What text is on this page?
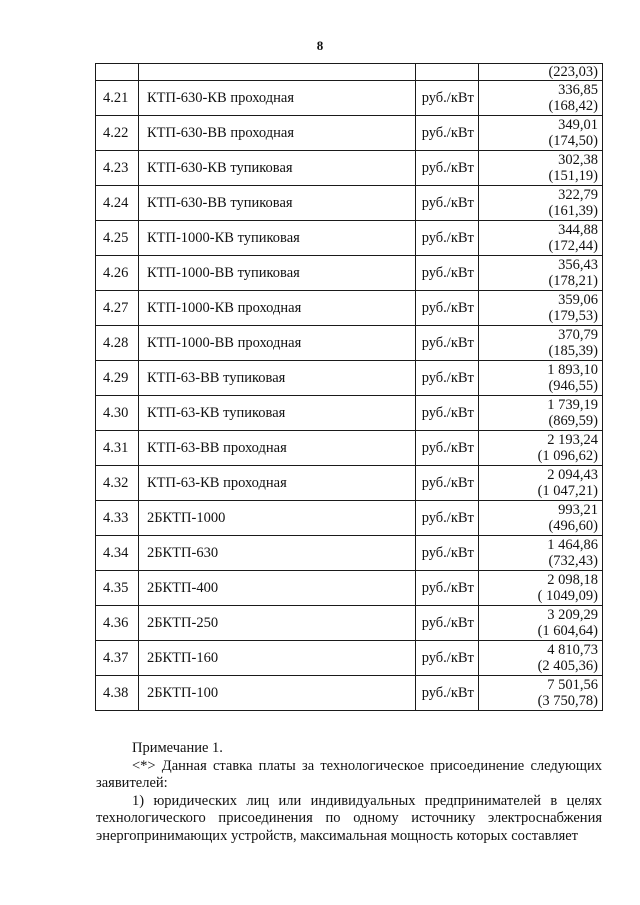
8
			(223,03)
4.21	КТП-630-КВ проходная	руб./кВт	336,85
(168,42)

4.22	КТП-630-ВВ проходная	руб./кВт	349,01
(174,50)

4.23	КТП-630-КВ тупиковая	руб./кВт	302,38
(151,19)

4.24	КТП-630-ВВ тупиковая	руб./кВт	322,79
(161,39)

4.25	КТП-1000-КВ тупиковая	руб./кВт	344,88
(172,44)

4.26	КТП-1000-ВВ тупиковая	руб./кВт	356,43
(178,21)

4.27	КТП-1000-КВ проходная	руб./кВт	359,06
(179,53)

4.28	КТП-1000-ВВ проходная	руб./кВт	370,79
(185,39)

4.29	КТП-63-ВВ тупиковая	руб./кВт	1 893,10
(946,55)

4.30	КТП-63-КВ тупиковая	руб./кВт	1 739,19
(869,59)

4.31	КТП-63-ВВ проходная	руб./кВт	2 193,24
(1 096,62)

4.32	КТП-63-КВ проходная	руб./кВт	2 094,43
(1 047,21)

4.33	2БКТП-1000	руб./кВт	993,21
(496,60)

4.34	2БКТП-630	руб./кВт	1 464,86
(732,43)

4.35	2БКТП-400	руб./кВт	2 098,18
( 1049,09)

4.36	2БКТП-250	руб./кВт	3 209,29
(1 604,64)

4.37	2БКТП-160	руб./кВт	4 810,73
(2 405,36)

4.38	2БКТП-100	руб./кВт	7 501,56
(3 750,78)

Примечание 1.

<*> Данная ставка платы за технологическое присоединение следующих заявителей:

1) юридических лиц или индивидуальных предпринимателей в целях технологического присоединения по одному источнику электроснабжения энергопринимающих устройств, максимальная мощность которых составляет
